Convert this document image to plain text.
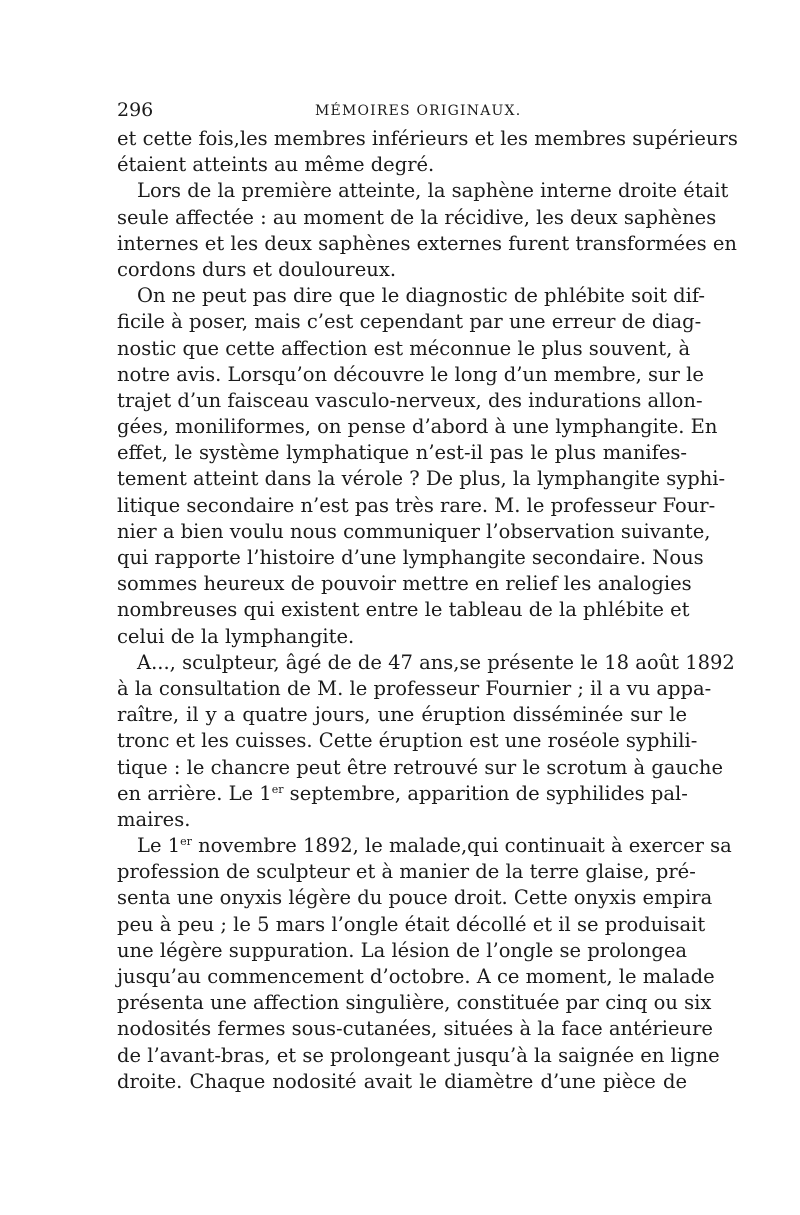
296	MÉMOIRES ORIGINAUX.
et cette fois,les membres inférieurs et les membres supérieurs
étaient atteints au même degré.
Lors de la première atteinte, la saphène interne droite était
seule affectée : au moment de la récidive, les deux saphènes
internes et les deux saphènes externes furent transformées en
cordons durs et douloureux.
On ne peut pas dire que le diagnostic de phlébite soit dif-
ficile à poser, mais c’est cependant par une erreur de diag-
nostic que cette affection est méconnue le plus souvent, à
notre avis. Lorsqu’on découvre le long d’un membre, sur le
trajet d’un faisceau vasculo-nerveux, des indurations allon-
gées, moniliformes, on pense d’abord à une lymphangite. En
effet, le système lymphatique n’est-il pas le plus manifes-
tement atteint dans la vérole ? De plus, la lymphangite syphi-
litique secondaire n’est pas très rare. M. le professeur Four-
nier a bien voulu nous communiquer l’observation suivante,
qui rapporte l’histoire d’une lymphangite secondaire. Nous
sommes heureux de pouvoir mettre en relief les analogies
nombreuses qui existent entre le tableau de la phlébite et
celui de la lymphangite.
A..., sculpteur, âgé de de 47 ans,se présente le 18 août 1892
à la consultation de M. le professeur Fournier ; il a vu appa-
raître, il y a quatre jours, une éruption disséminée sur le
tronc et les cuisses. Cette éruption est une roséole syphili-
tique : le chancre peut être retrouvé sur le scrotum à gauche
en arrière. Le 1er septembre, apparition de syphilides pal-
maires.
Le 1er novembre 1892, le malade,qui continuait à exercer sa
profession de sculpteur et à manier de la terre glaise, pré-
senta une onyxis légère du pouce droit. Cette onyxis empira
peu à peu ; le 5 mars l’ongle était décollé et il se produisait
une légère suppuration. La lésion de l’ongle se prolongea
jusqu’au commencement d’octobre. A ce moment, le malade
présenta une affection singulière, constituée par cinq ou six
nodosités fermes sous-cutanées, situées à la face antérieure
de l’avant-bras, et se prolongeant jusqu’à la saignée en ligne
droite. Chaque nodosité avait le diamètre d’une pièce de
